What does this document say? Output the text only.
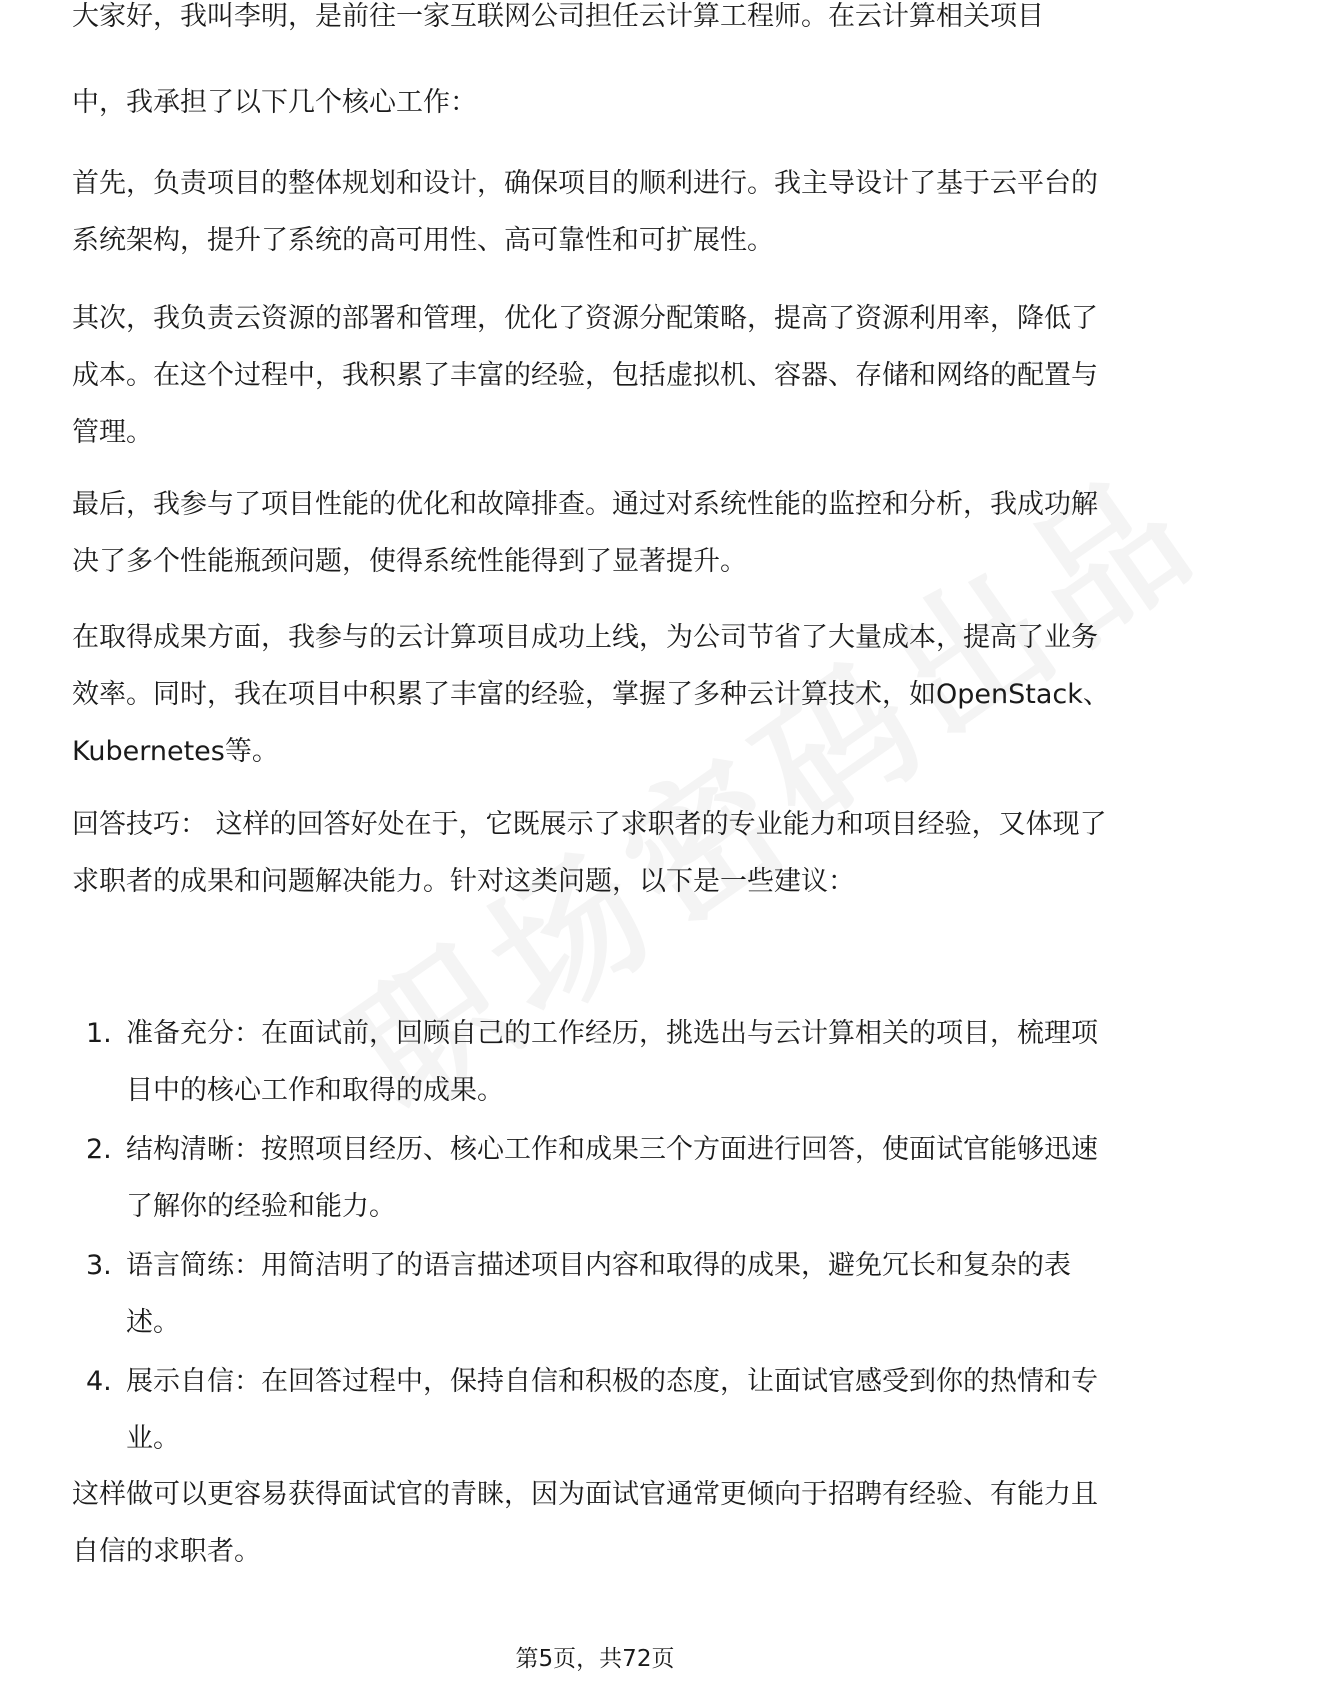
大家好，我叫李明，是前往一家互联网公司担任云计算工程师。在云计算相关项目

中，我承担了以下几个核心工作：

首先，负责项目的整体规划和设计，确保项目的顺利进行。我主导设计了基于云平台的系统架构，提升了系统的高可用性、高可靠性和可扩展性。

其次，我负责云资源的部署和管理，优化了资源分配策略，提高了资源利用率，降低了成本。在这个过程中，我积累了丰富的经验，包括虚拟机、容器、存储和网络的配置与管理。

最后，我参与了项目性能的优化和故障排查。通过对系统性能的监控和分析，我成功解决了多个性能瓶颈问题，使得系统性能得到了显著提升。

在取得成果方面，我参与的云计算项目成功上线，为公司节省了大量成本，提高了业务效率。同时，我在项目中积累了丰富的经验，掌握了多种云计算技术，如OpenStack、Kubernetes等。

回答技巧： 这样的回答好处在于，它既展示了求职者的专业能力和项目经验，又体现了求职者的成果和问题解决能力。针对这类问题，以下是一些建议：

1. 准备充分：在面试前，回顾自己的工作经历，挑选出与云计算相关的项目，梳理项目中的核心工作和取得的成果。
2. 结构清晰：按照项目经历、核心工作和成果三个方面进行回答，使面试官能够迅速了解你的经验和能力。
3. 语言简练：用简洁明了的语言描述项目内容和取得的成果，避免冗长和复杂的表述。
4. 展示自信：在回答过程中，保持自信和积极的态度，让面试官感受到你的热情和专业。

这样做可以更容易获得面试官的青睐，因为面试官通常更倾向于招聘有经验、有能力且自信的求职者。

第5页，共72页
